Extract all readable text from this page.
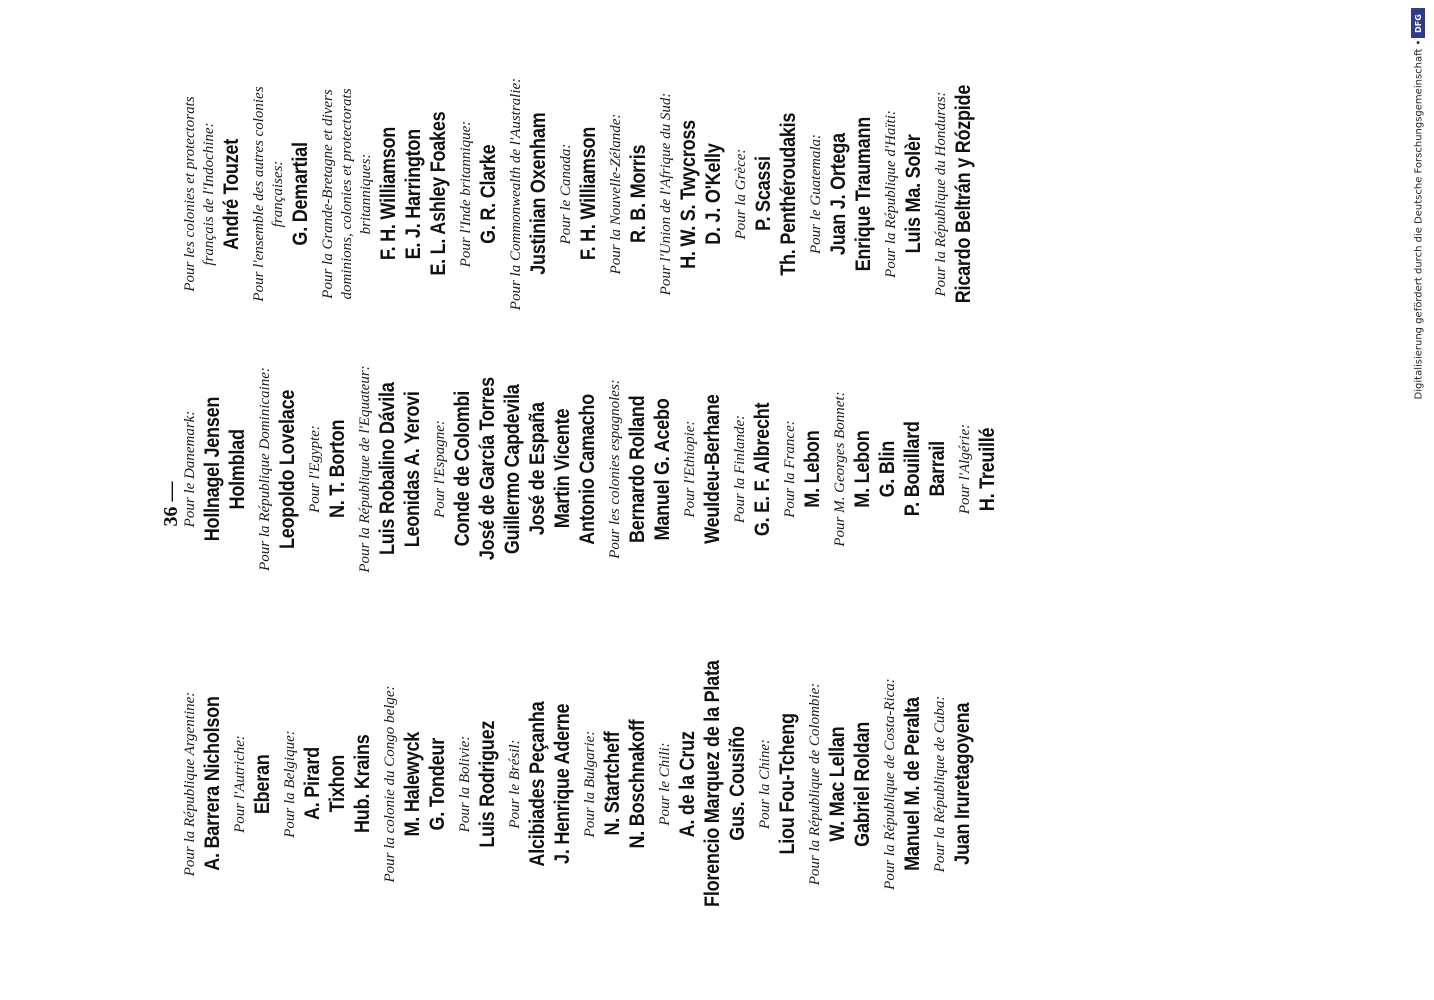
36 —
Pour la République Argentine: A. Barrera Nicholson Pour l'Autriche: Eberan Pour la Belgique: A. Pirard Tixhon Hub. Krains Pour la colonie du Congo belge: M. Halewyck G. Tondeur Pour la Bolivie: Luis Rodriguez Pour le Brésil: Alcibiades Peçanha J. Henrique Aderne Pour la Bulgarie: N. Startcheff N. Boschnakoff Pour le Chili: A. de la Cruz Florencio Marquez de la Plata Gus. Cousiño Pour la Chine: Liou Fou-Tcheng Pour la République de Colombie: W. Mac Lellan Gabriel Roldan Pour la République de Costa-Rica: Manuel M. de Peralta Pour la République de Cuba: Juan Iruretagoyena
Pour le Danemark: Hollnagel Jensen Holmblad Pour la République Dominicaine: Leopoldo Lovelace Pour l'Egypte: N. T. Borton Pour la République de l'Equateur: Luis Robalino Dávila Leonidas A. Yerovi Pour l'Espagne: Conde de Colombi José de García Torres Guillermo Capdevila José de España Martin Vicente Antonio Camacho Pour les colonies espagnoles: Bernardo Rolland Manuel G. Acebo Pour l'Ethiopie: Weuldeu-Berhane Pour la Finlande: G. E. F. Albrecht Pour la France: M. Lebon Pour M. Georges Bonnet: M. Lebon G. Blin P. Bouillard Barrail Pour l'Algérie: H. Treuillé
Pour les colonies et protectorats
français de l'Indochine: André Touzet
Pour l'ensemble des autres colonies
françaises: G. Demartial
Pour la Grande-Bretagne et divers
dominions, colonies et protectorats
britanniques: F. H. Williamson E. J. Harrington E. L. Ashley Foakes Pour l'Inde britannique: G. R. Clarke Pour la Commonwealth de l'Australie: Justinian Oxenham Pour le Canada: F. H. Williamson Pour la Nouvelle-Zélande: R. B. Morris Pour l'Union de l'Afrique du Sud: H. W. S. Twycross D. J. O'Kelly Pour la Grèce: P. Scassi Th. Penthéroudakis Pour le Guatemala: Juan J. Ortega Enrique Traumann Pour la République d'Haïti: Luis Ma. Solèr Pour la République du Honduras: Ricardo Beltrán y Rózpide
DFG
Digitalisierung gefördert durch die Deutsche Forschungsgemeinschaft •
